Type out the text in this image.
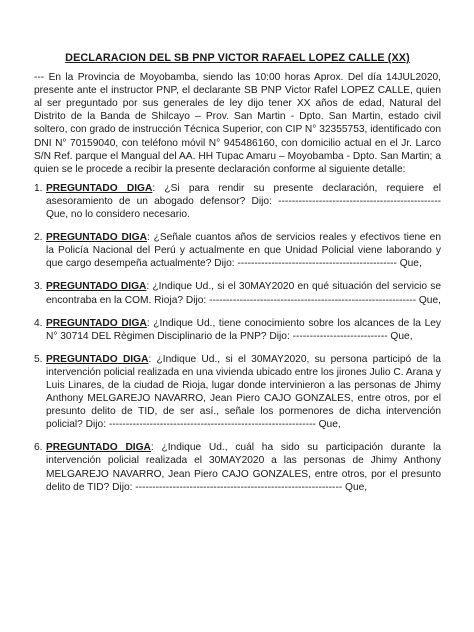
DECLARACION DEL SB PNP VICTOR RAFAEL LOPEZ CALLE (XX)
--- En la Provincia de Moyobamba, siendo las 10:00 horas Aprox. Del día 14JUL2020, presente ante el instructor PNP, el declarante SB PNP Victor Rafel LOPEZ CALLE, quien al ser preguntado por sus generales de ley dijo tener XX años de edad, Natural del Distrito de la Banda de Shilcayo – Prov. San Martin - Dpto. San Martin, estado civil soltero, con grado de instrucción Técnica Superior, con CIP N° 32355753, identificado con DNI N° 70159040, con teléfono móvil N° 945486160, con domicilio actual en el Jr. Larco S/N Ref. parque el Mangual del AA. HH Tupac Amaru – Moyobamba - Dpto. San Martin; a quien se le procede a recibir la presente declaración conforme al siguiente detalle:
1. PREGUNTADO DIGA: ¿Si para rendir su presente declaración, requiere el asesoramiento de un abogado defensor? Dijo: ------------------------------------------------ Que, no lo considero necesario.
2. PREGUNTADO DIGA: ¿Señale cuantos años de servicios reales y efectivos tiene en la Policía Nacional del Perú y actualmente en que Unidad Policial viene laborando y que cargo desempeña actualmente? Dijo: ----------------------------------------------- Que,
3. PREGUNTADO DIGA: ¿Indique Ud., si el 30MAY2020 en qué situación del servicio se encontraba en la COM. Rioja? Dijo: ------------------------------------------------------------- Que,
4. PREGUNTADO DIGA: ¿Indique Ud., tiene conocimiento sobre los alcances de la Ley N° 30714 DEL Règimen Disciplinario de la PNP? Dijo: ---------------------------- Que,
5. PREGUNTADO DIGA: ¿Indique Ud., si el 30MAY2020, su persona participó de la intervención policial realizada en una vivienda ubicado entre los jirones Julio C. Arana y Luis Linares, de la ciudad de Rioja, lugar donde intervinieron a las personas de Jhimy Anthony MELGAREJO NAVARRO, Jean Piero CAJO GONZALES, entre otros, por el presunto delito de TID, de ser así., señale los pormenores de dicha intervención policial? Dijo: ------------------------------------------------------------- Que,
6. PREGUNTADO DIGA: ¿Indique Ud., cuál ha sido su participación durante la intervención policial realizada el 30MAY2020 a las personas de Jhimy Anthony MELGAREJO NAVARRO, Jean Piero CAJO GONZALES, entre otros, por el presunto delito de TID? Dijo: ------------------------------------------------------------- Que,
